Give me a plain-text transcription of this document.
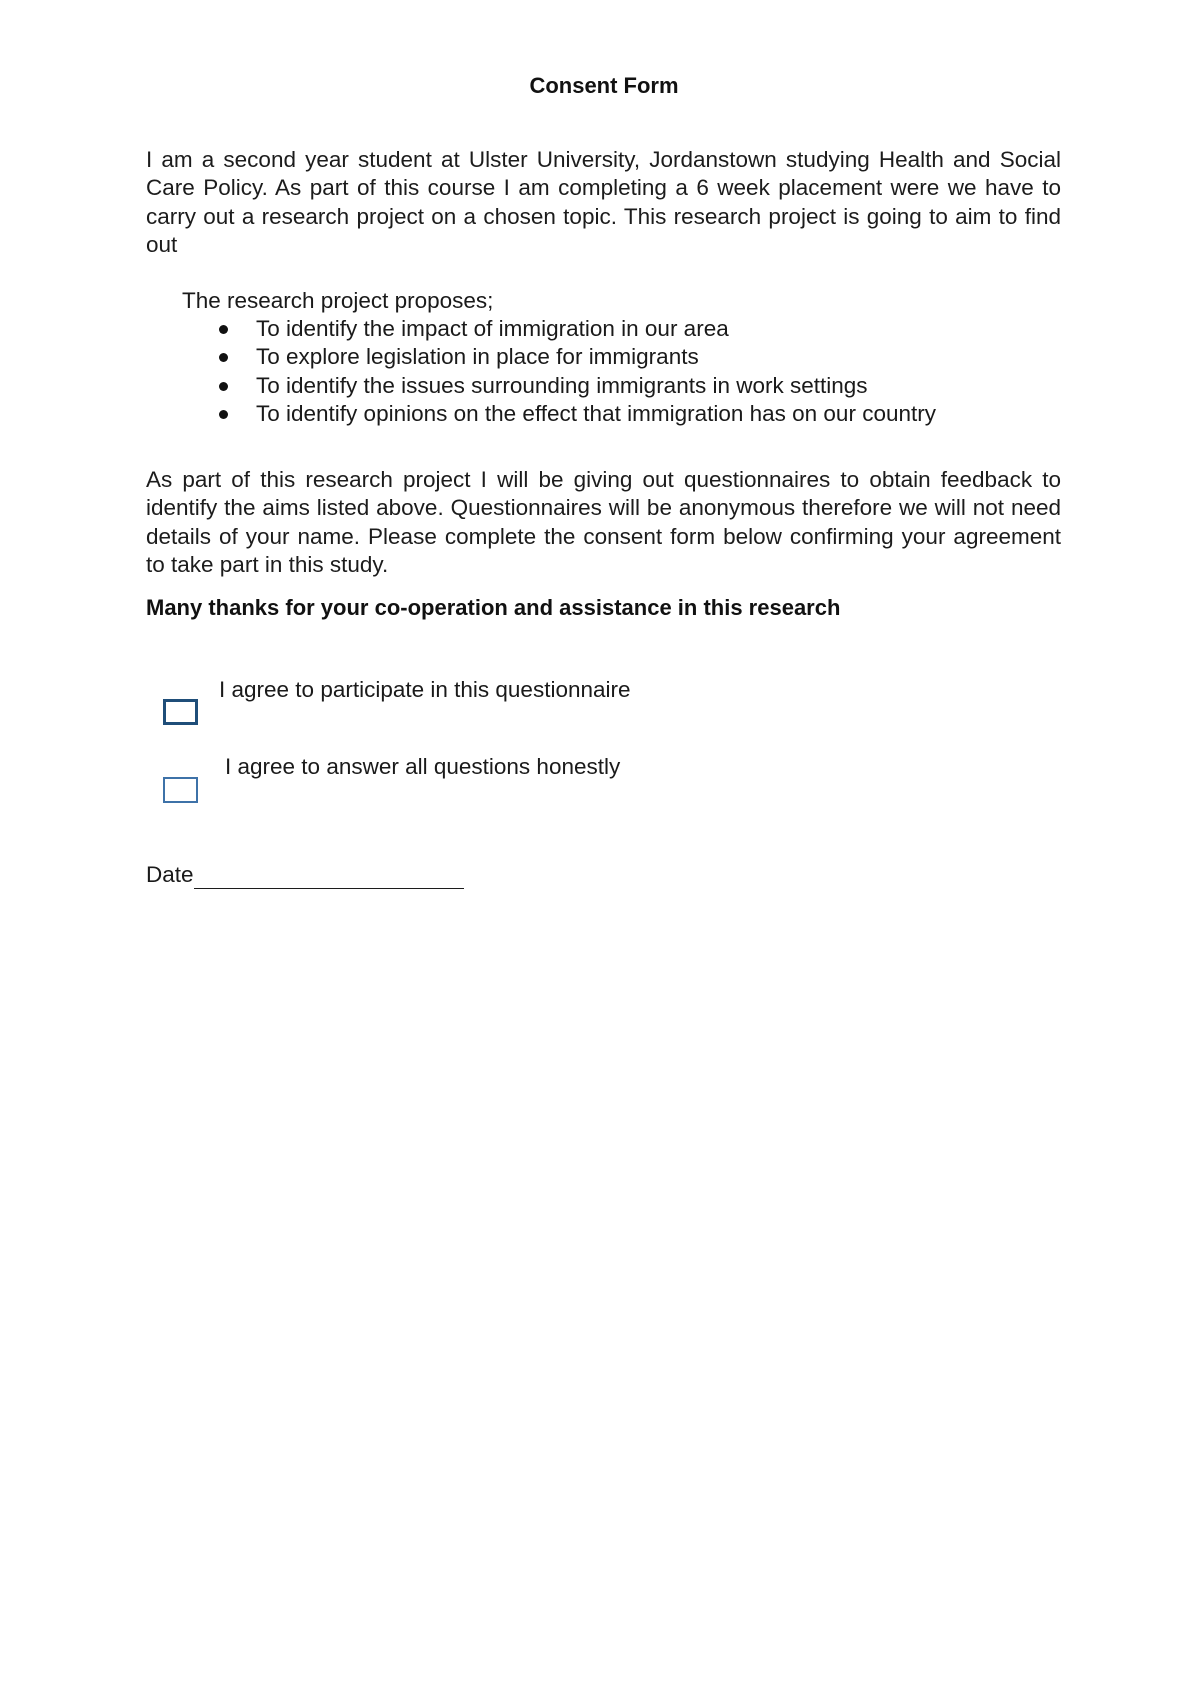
Consent Form

I am a second year student at Ulster University, Jordanstown studying Health and Social Care Policy. As part of this course I am completing a 6 week placement were we have to carry out a research project on a chosen topic. This research project is going to aim to find out

The research project proposes;
To identify the impact of immigration in our area
To explore legislation in place for immigrants
To identify the issues surrounding immigrants in work settings
To identify opinions on the effect that immigration has on our country

As part of this research project I will be giving out questionnaires to obtain feedback to identify the aims listed above. Questionnaires will be anonymous therefore we will not need details of your name. Please complete the consent form below confirming your agreement to take part in this study.

Many thanks for your co-operation and assistance in this research
I agree to participate in this questionnaire
I agree to answer all questions honestly
Date
